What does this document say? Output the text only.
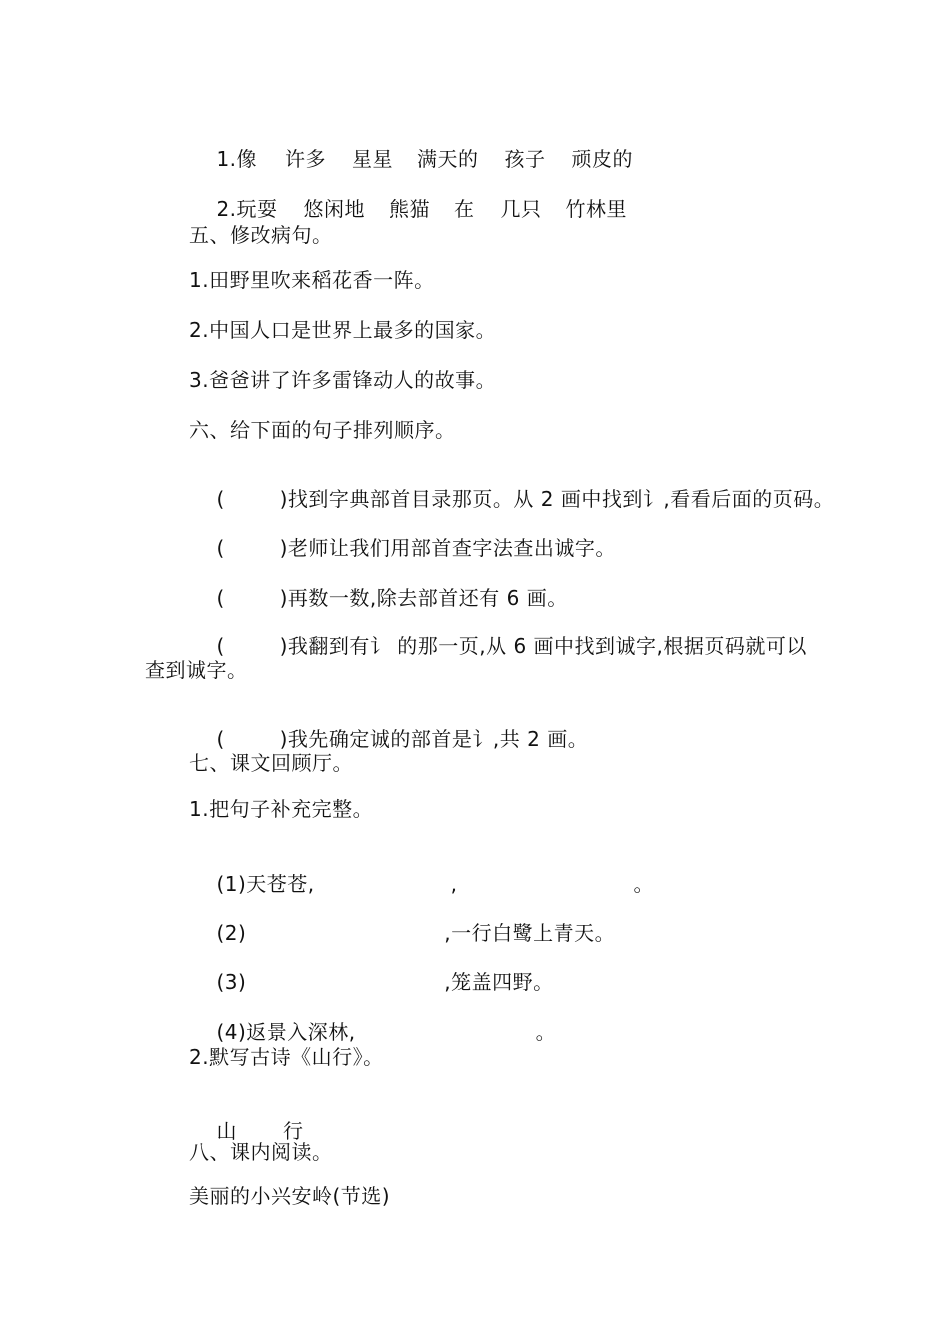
1.像 许多 星星 满天的 孩子 顽皮的

2.玩耍 悠闲地 熊猫 在 几只 竹林里

五、修改病句。
1.田野里吹来稻花香一阵。
2.中国人口是世界上最多的国家。
3.爸爸讲了许多雷锋动人的故事。
六、给下面的句子排列顺序。

(        )找到字典部首目录那页。从 2 画中找到讠,看看后面的页码。

(        )老师让我们用部首查字法查出诚字。

(        )再数一数,除去部首还有 6 画。

(        )我翻到有讠 的那一页,从 6 画中找到诚字,根据页码就可以

查到诚字。

(        )我先确定诚的部首是讠,共 2 画。

七、课文回顾厅。
1.把句子补充完整。

(1)天苍苍,	,	。

(2)	,一行白鹭上青天。

(3)	,笼盖四野。

(4)返景入深林,	。

2.默写古诗《山行》。

山 行

八、课内阅读。
美丽的小兴安岭(节选)
